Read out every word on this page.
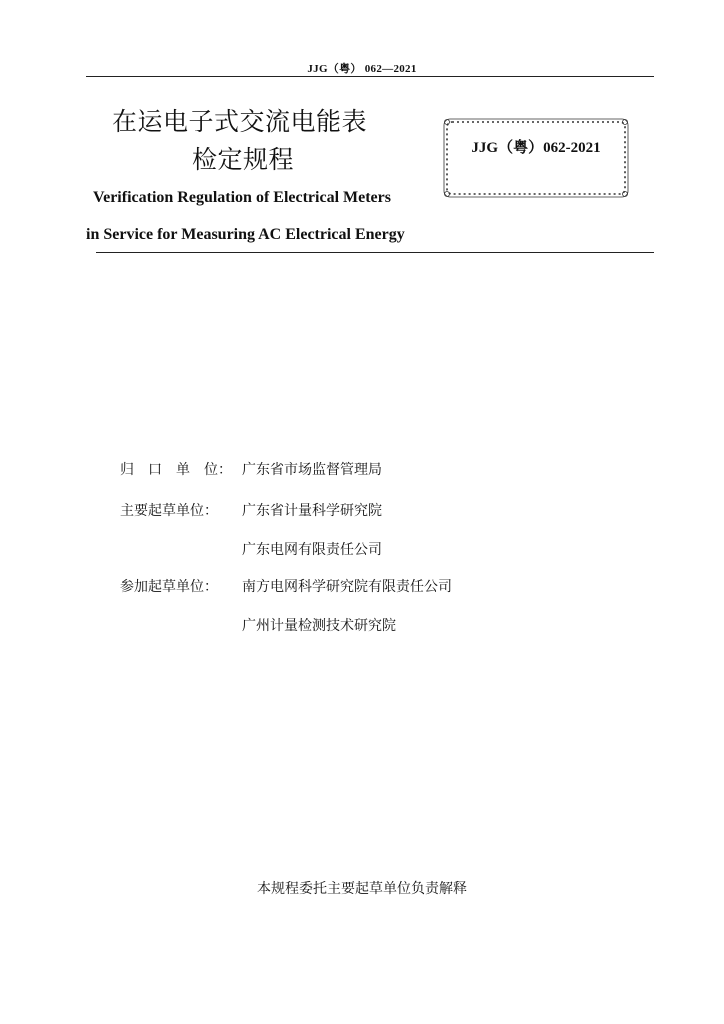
JJG（粤） 062—2021
在运电子式交流电能表
检定规程	JJG（粤）062-2021
Verification Regulation of Electrical Meters
in Service for Measuring AC Electrical Energy
归　口　单　位： 广东省市场监督管理局
主要起草单位： 广东省计量科学研究院
广东电网有限责任公司
参加起草单位： 南方电网科学研究院有限责任公司
广州计量检测技术研究院
本规程委托主要起草单位负责解释
